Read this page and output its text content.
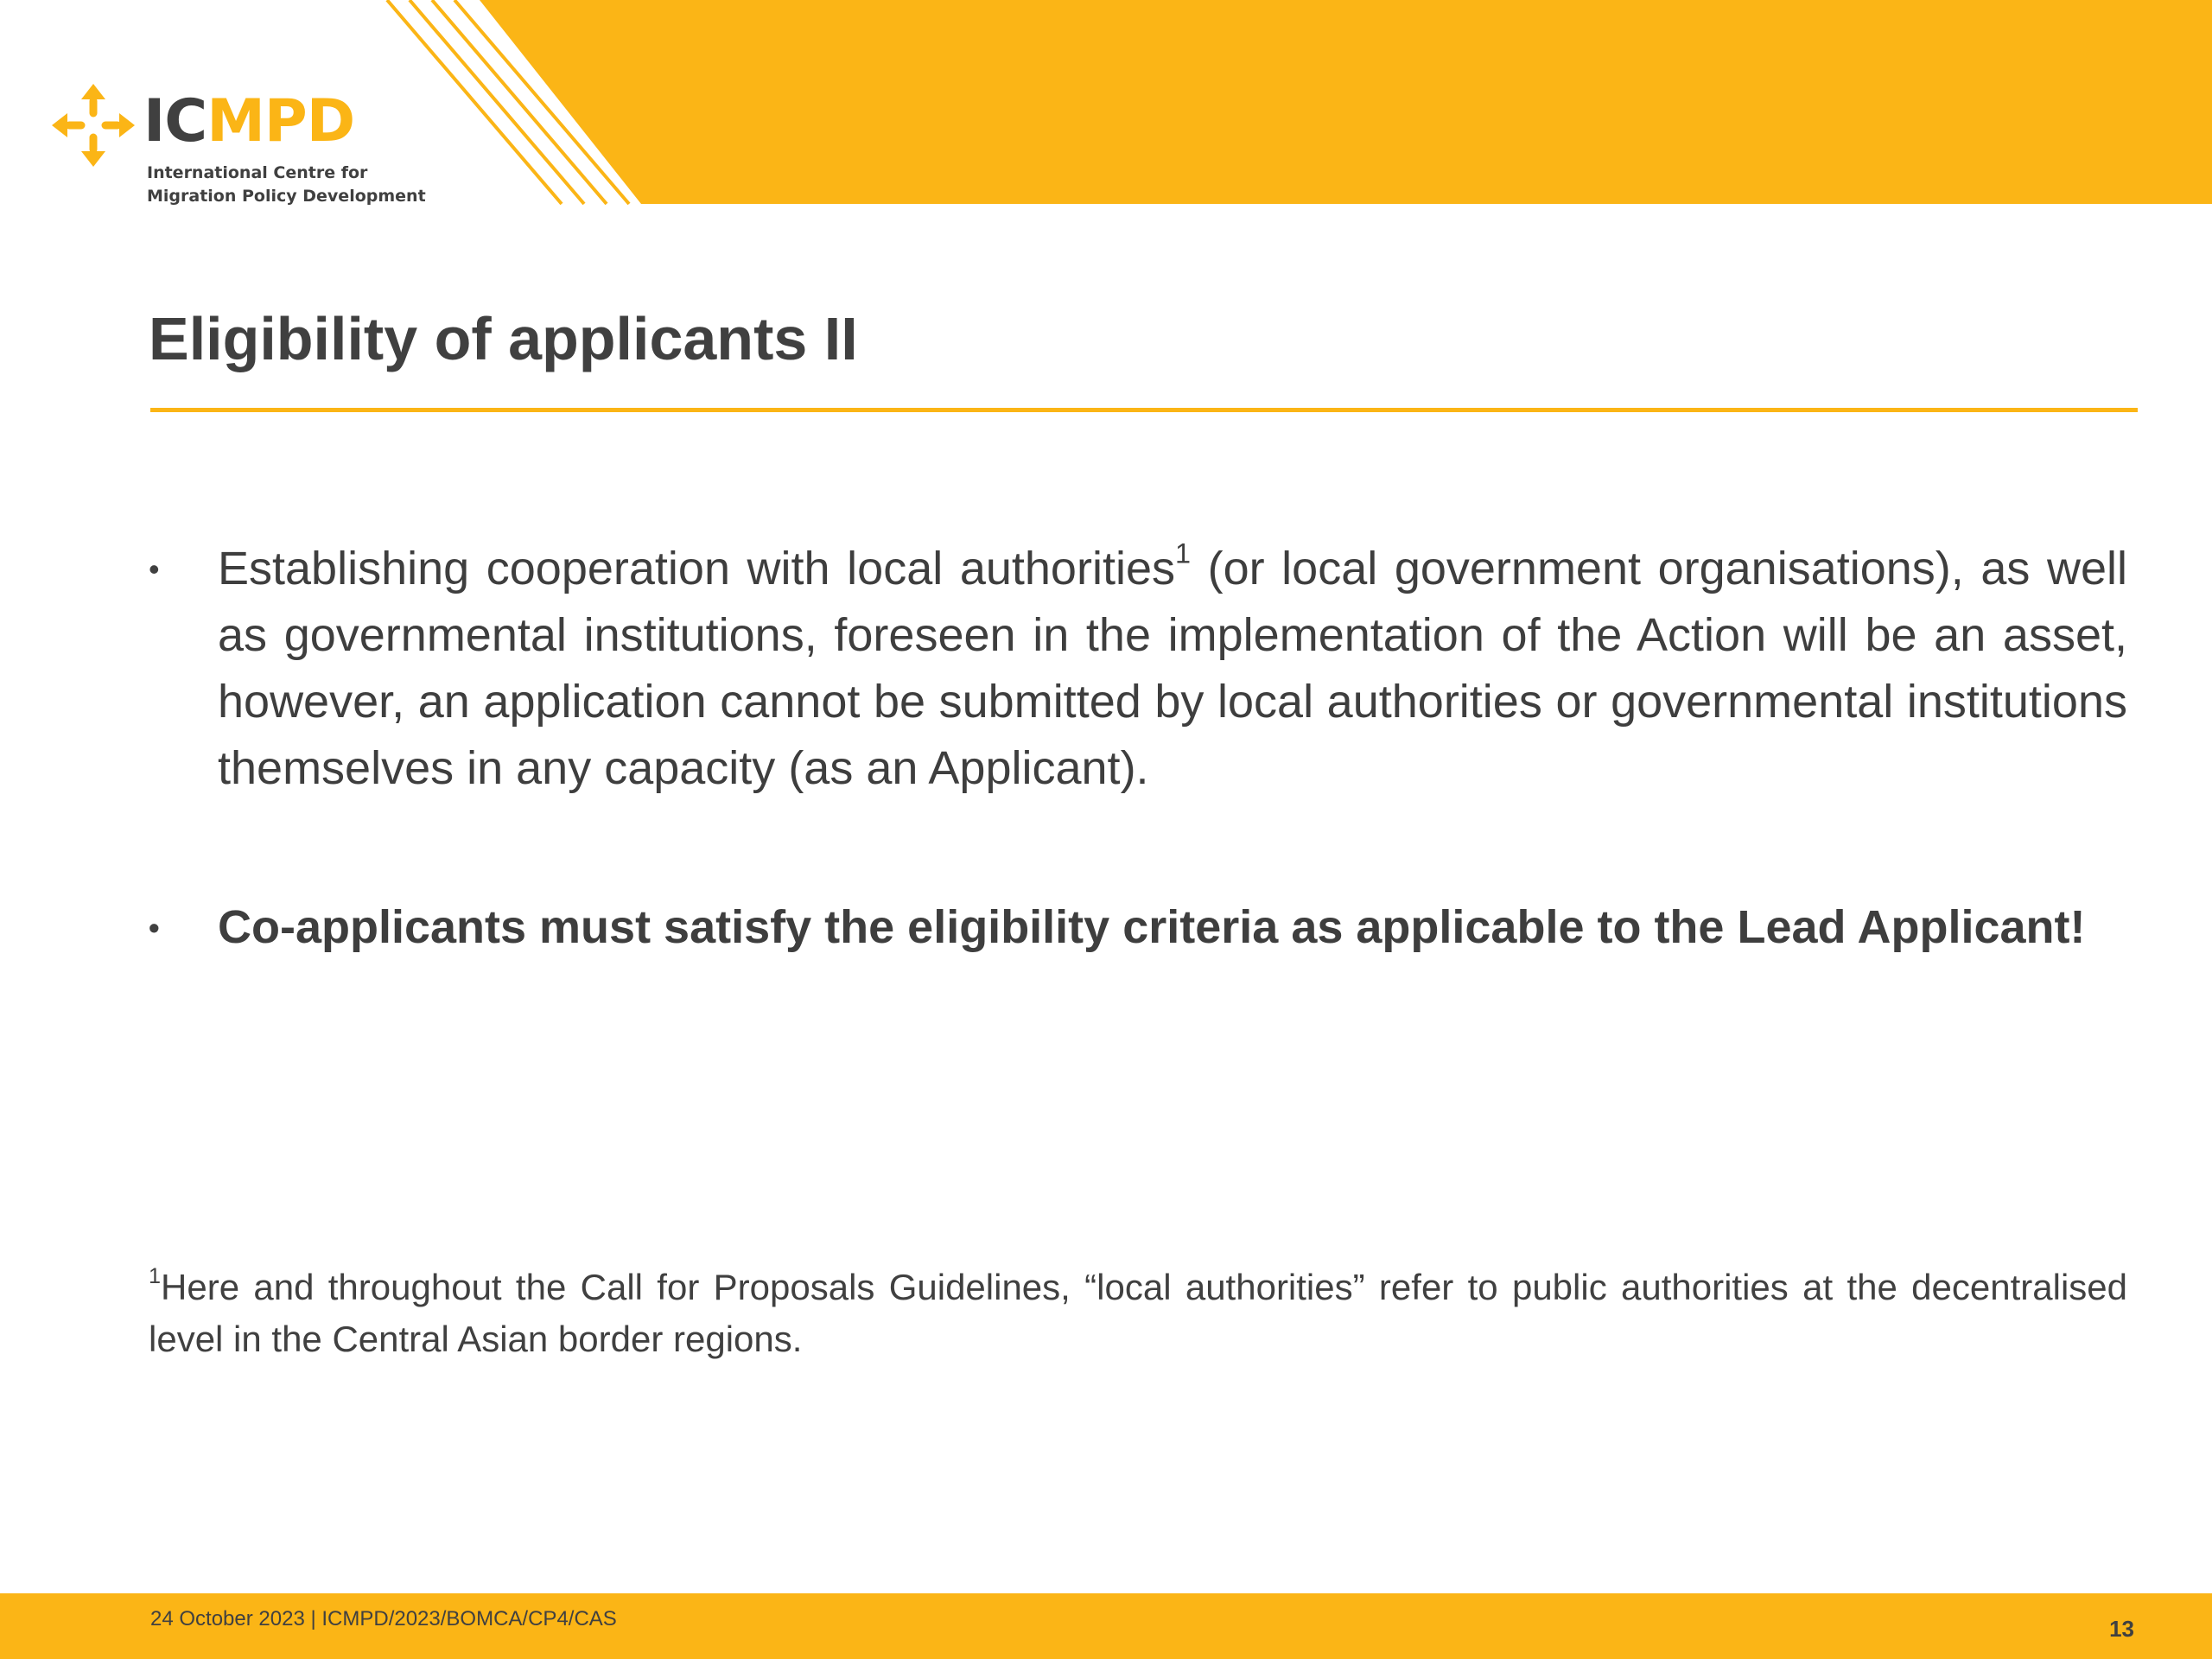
ICMPD
International Centre for
Migration Policy Development
Eligibility of applicants II
• Establishing cooperation with local authorities$^1$ (or local government organisations), as well as governmental institutions, foreseen in the implementation of the Action will be an asset, however, an application cannot be submitted by local authorities or governmental institutions themselves in any capacity (as an Applicant).
• Co-applicants must satisfy the eligibility criteria as applicable to the Lead Applicant!

$^1$Here and throughout the Call for Proposals Guidelines, “local authorities” refer to public authorities at the decentralised level in the Central Asian border regions.

24 October 2023 | ICMPD/2023/BOMCA/CP4/CAS	13
